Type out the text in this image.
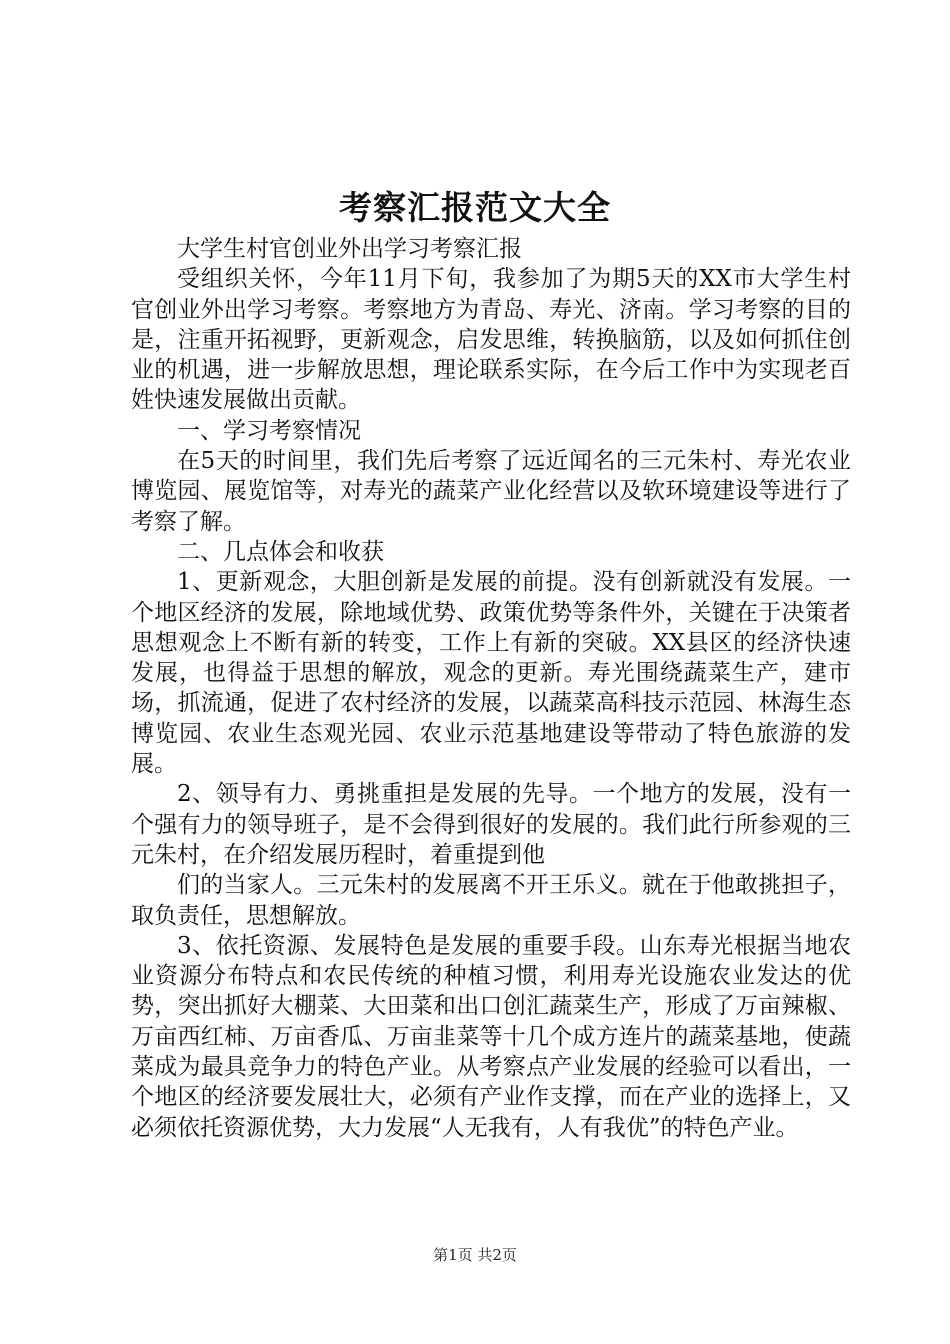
考察汇报范文大全

大学生村官创业外出学习考察汇报

受组织关怀，今年11月下旬，我参加了为期5天的XX市大学生村官创业外出学习考察。考察地方为青岛、寿光、济南。学习考察的目的是，注重开拓视野，更新观念，启发思维，转换脑筋，以及如何抓住创业的机遇，进一步解放思想，理论联系实际，在今后工作中为实现老百姓快速发展做出贡献。

一、学习考察情况

在5天的时间里，我们先后考察了远近闻名的三元朱村、寿光农业博览园、展览馆等，对寿光的蔬菜产业化经营以及软环境建设等进行了考察了解。

二、几点体会和收获

1、更新观念，大胆创新是发展的前提。没有创新就没有发展。一个地区经济的发展，除地域优势、政策优势等条件外，关键在于决策者思想观念上不断有新的转变，工作上有新的突破。XX县区的经济快速发展，也得益于思想的解放，观念的更新。寿光围绕蔬菜生产，建市场，抓流通，促进了农村经济的发展，以蔬菜高科技示范园、林海生态博览园、农业生态观光园、农业示范基地建设等带动了特色旅游的发展。

2、领导有力、勇挑重担是发展的先导。一个地方的发展，没有一个强有力的领导班子，是不会得到很好的发展的。我们此行所参观的三元朱村，在介绍发展历程时，着重提到他

们的当家人。三元朱村的发展离不开王乐义。就在于他敢挑担子，取负责任，思想解放。

3、依托资源、发展特色是发展的重要手段。山东寿光根据当地农业资源分布特点和农民传统的种植习惯，利用寿光设施农业发达的优势，突出抓好大棚菜、大田菜和出口创汇蔬菜生产，形成了万亩辣椒、万亩西红柿、万亩香瓜、万亩韭菜等十几个成方连片的蔬菜基地，使蔬菜成为最具竞争力的特色产业。从考察点产业发展的经验可以看出，一个地区的经济要发展壮大，必须有产业作支撑，而在产业的选择上，又必须依托资源优势，大力发展“人无我有，人有我优”的特色产业。

第1页 共2页
